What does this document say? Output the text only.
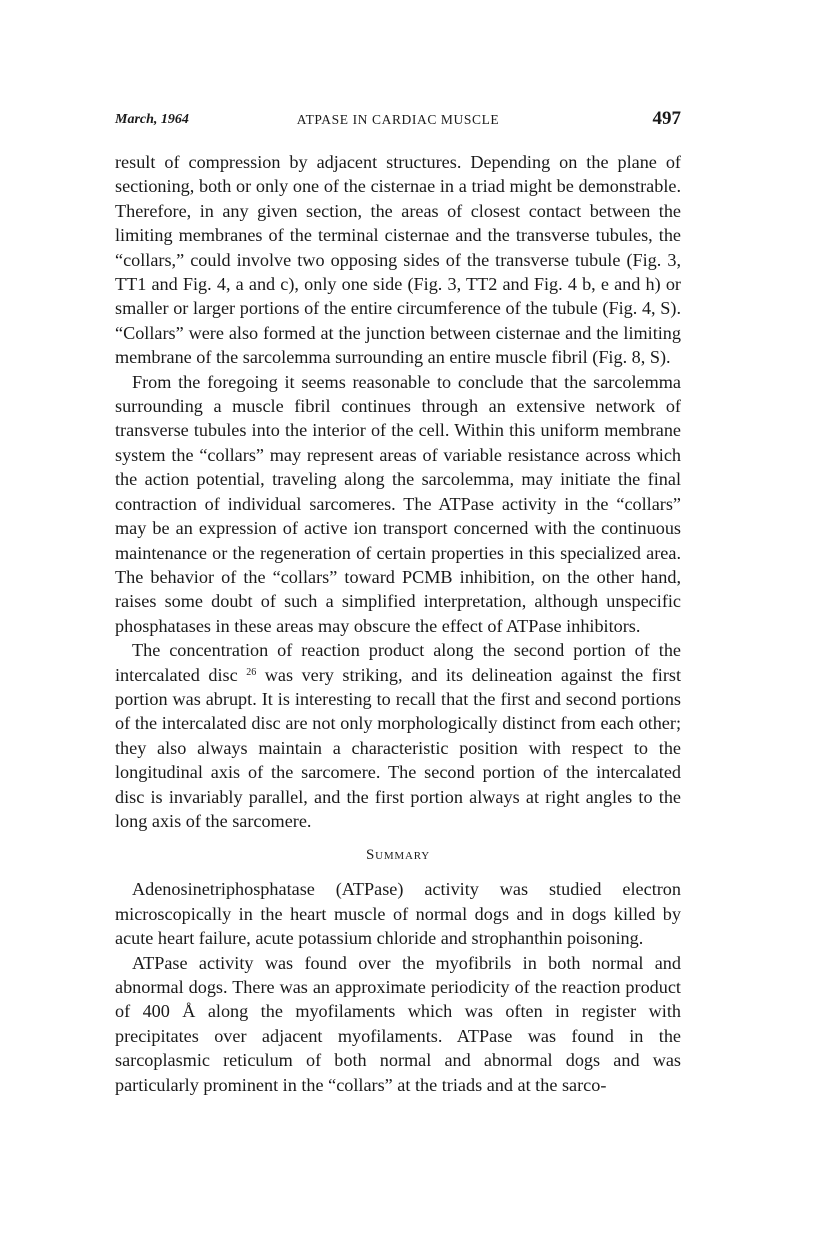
March, 1964	ATPASE IN CARDIAC MUSCLE	497

result of compression by adjacent structures. Depending on the plane of sectioning, both or only one of the cisternae in a triad might be demonstrable. Therefore, in any given section, the areas of closest contact between the limiting membranes of the terminal cisternae and the transverse tubules, the “collars,” could involve two opposing sides of the transverse tubule (Fig. 3, TT1 and Fig. 4, a and c), only one side (Fig. 3, TT2 and Fig. 4 b, e and h) or smaller or larger portions of the entire circumference of the tubule (Fig. 4, S). “Collars” were also formed at the junction between cisternae and the limiting membrane of the sarcolemma surrounding an entire muscle fibril (Fig. 8, S).

From the foregoing it seems reasonable to conclude that the sarcolemma surrounding a muscle fibril continues through an extensive network of transverse tubules into the interior of the cell. Within this uniform membrane system the “collars” may represent areas of variable resistance across which the action potential, traveling along the sarcolemma, may initiate the final contraction of individual sarcomeres. The ATPase activity in the “collars” may be an expression of active ion transport concerned with the continuous maintenance or the regeneration of certain properties in this specialized area. The behavior of the “collars” toward PCMB inhibition, on the other hand, raises some doubt of such a simplified interpretation, although unspecific phosphatases in these areas may obscure the effect of ATPase inhibitors.

The concentration of reaction product along the second portion of the intercalated disc $^{26}$ was very striking, and its delineation against the first portion was abrupt. It is interesting to recall that the first and second portions of the intercalated disc are not only morphologically distinct from each other; they also always maintain a characteristic position with respect to the longitudinal axis of the sarcomere. The second portion of the intercalated disc is invariably parallel, and the first portion always at right angles to the long axis of the sarcomere.

Summary

Adenosinetriphosphatase (ATPase) activity was studied electron microscopically in the heart muscle of normal dogs and in dogs killed by acute heart failure, acute potassium chloride and strophanthin poisoning.

ATPase activity was found over the myofibrils in both normal and abnormal dogs. There was an approximate periodicity of the reaction product of 400 Å along the myofilaments which was often in register with precipitates over adjacent myofilaments. ATPase was found in the sarcoplasmic reticulum of both normal and abnormal dogs and was particularly prominent in the “collars” at the triads and at the sarco-
